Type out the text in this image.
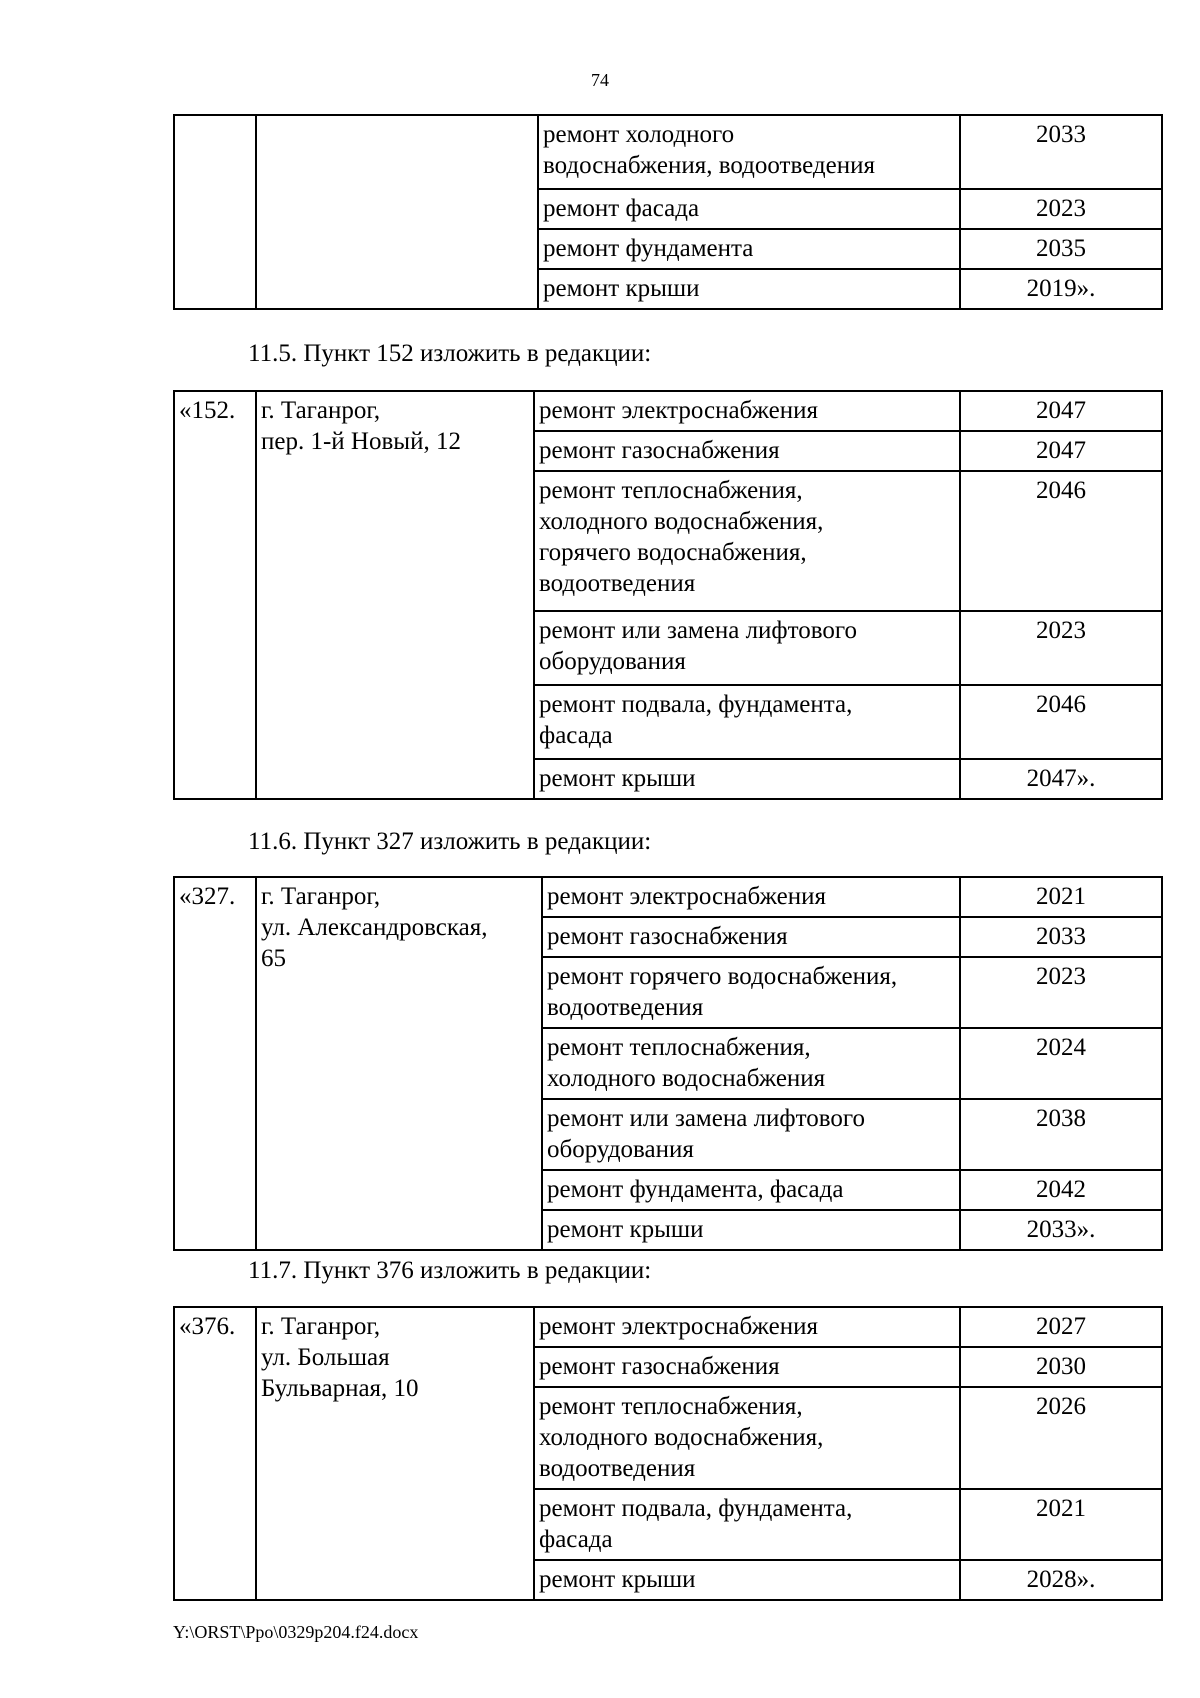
74
		ремонт холодного
водоснабжения, водоотведения	2033
		ремонт фасада	2023
		ремонт фундамента	2035
		ремонт крыши	2019».
11.5. Пункт 152 изложить в редакции:
«152.	г. Таганрог,
пер. 1-й Новый, 12	ремонт электроснабжения	2047
		ремонт газоснабжения	2047
		ремонт теплоснабжения,
холодного водоснабжения,
горячего водоснабжения,
водоотведения	2046
		ремонт или замена лифтового
оборудования	2023
		ремонт подвала, фундамента,
фасада	2046
		ремонт крыши	2047».
11.6. Пункт 327 изложить в редакции:
«327.	г. Таганрог,
ул. Александровская,
65	ремонт электроснабжения	2021
		ремонт газоснабжения	2033
		ремонт горячего водоснабжения,
водоотведения	2023
		ремонт теплоснабжения,
холодного водоснабжения	2024
		ремонт или замена лифтового
оборудования	2038
		ремонт фундамента, фасада	2042
		ремонт крыши	2033».
11.7. Пункт 376 изложить в редакции:
«376.	г. Таганрог,
ул. Большая
Бульварная, 10	ремонт электроснабжения	2027
		ремонт газоснабжения	2030
		ремонт теплоснабжения,
холодного водоснабжения,
водоотведения	2026
		ремонт подвала, фундамента,
фасада	2021
		ремонт крыши	2028».
Y:\ORST\Ppo\0329p204.f24.docx
